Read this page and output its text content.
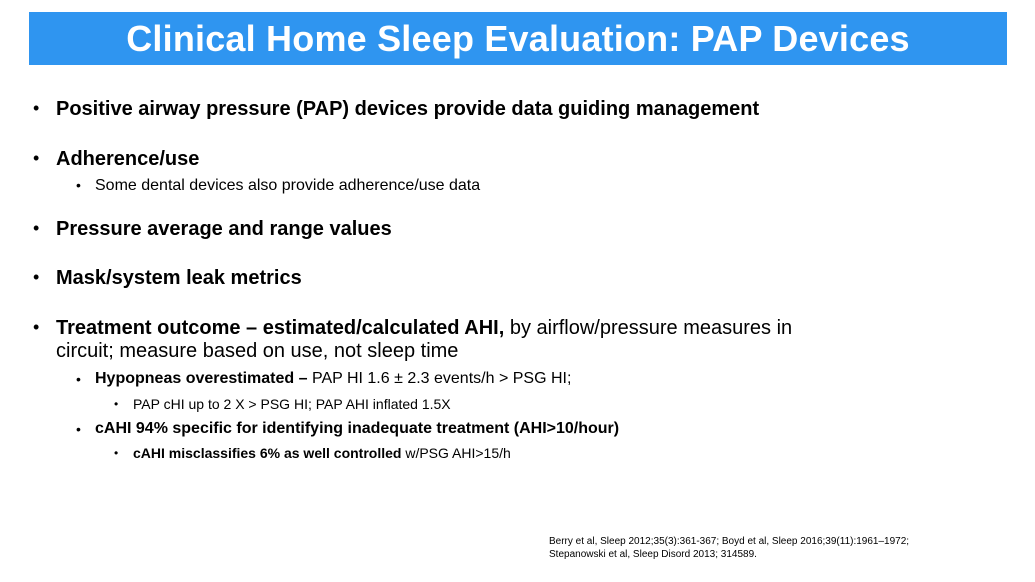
Clinical Home Sleep Evaluation: PAP Devices
• Positive airway pressure (PAP) devices provide data guiding management
• Adherence/use
• Some dental devices also provide adherence/use data
• Pressure average and range values
• Mask/system leak metrics
• Treatment outcome – estimated/calculated AHI, by airflow/pressure measures in
circuit; measure based on use, not sleep time
• Hypopneas overestimated – PAP HI 1.6 ± 2.3 events/h > PSG HI;
• PAP cHI up to 2 X > PSG HI; PAP AHI inflated 1.5X
• cAHI 94% specific for identifying inadequate treatment (AHI>10/hour)
• cAHI misclassifies 6% as well controlled w/PSG AHI>15/h
Berry et al, Sleep 2012;35(3):361-367; Boyd et al, Sleep 2016;39(11):1961–1972;
Stepanowski et al, Sleep Disord 2013; 314589.
